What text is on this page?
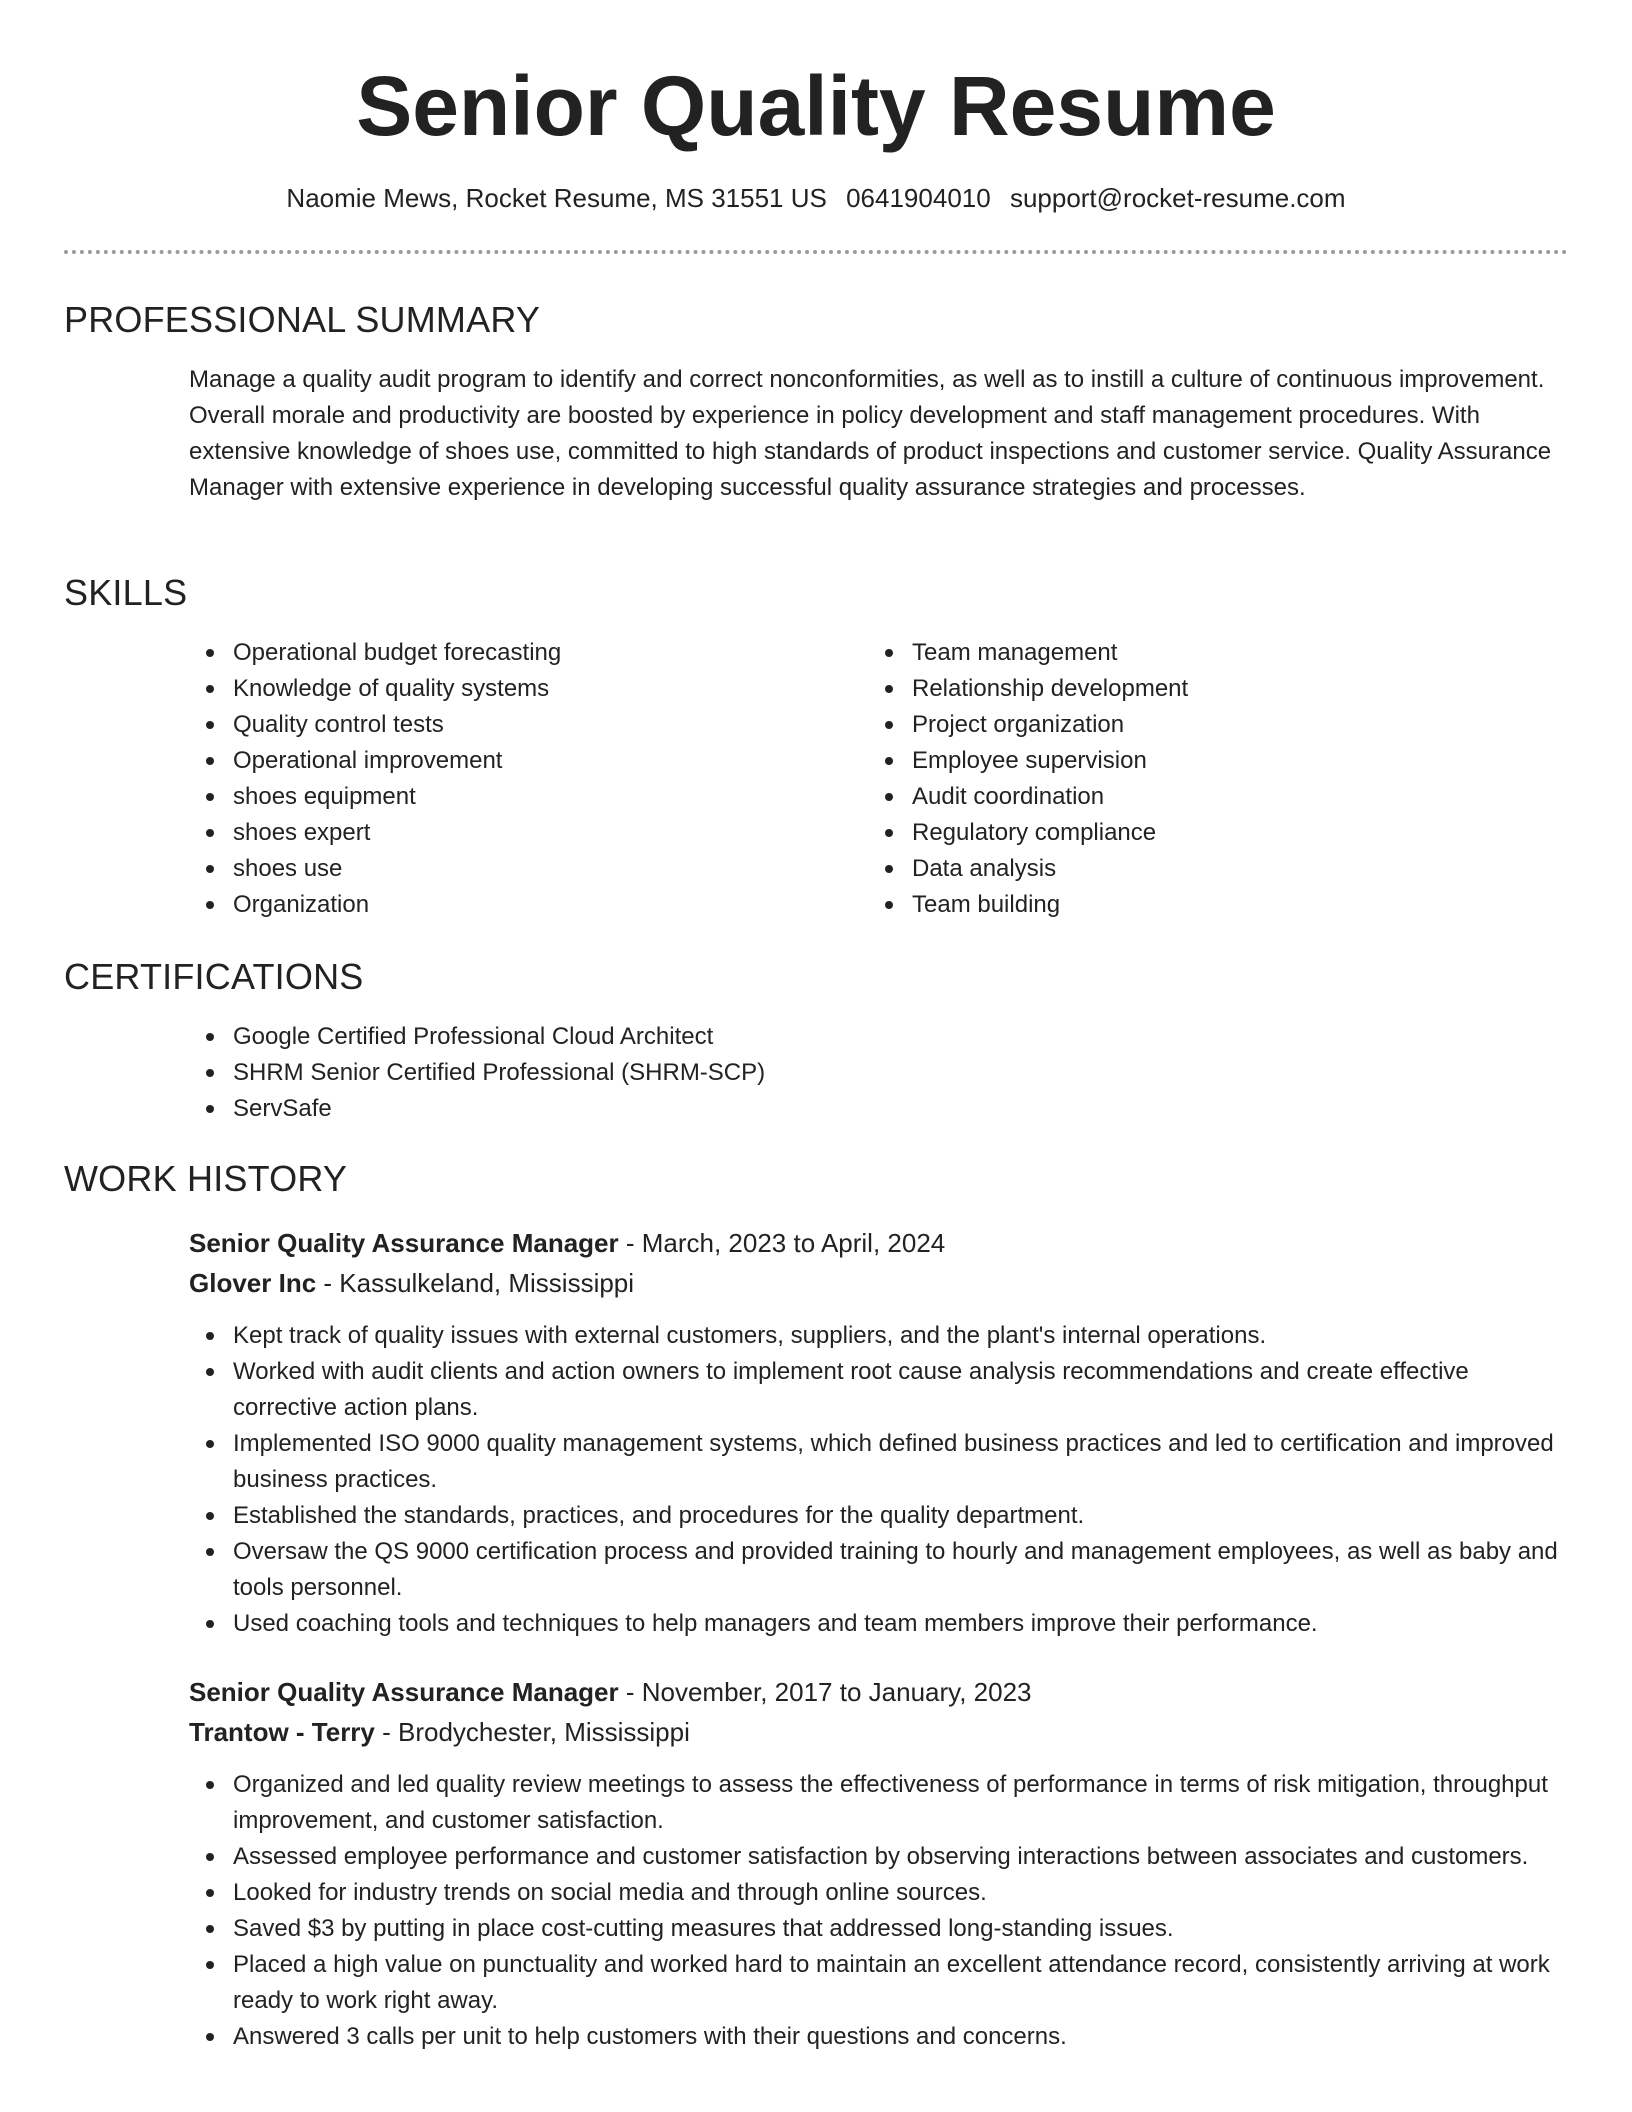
Senior Quality Resume
Naomie Mews, Rocket Resume, MS 31551 US 0641904010 support@rocket-resume.com
PROFESSIONAL SUMMARY

Manage a quality audit program to identify and correct nonconformities, as well as to instill a culture of continuous improvement. Overall morale and productivity are boosted by experience in policy development and staff management procedures. With extensive knowledge of shoes use, committed to high standards of product inspections and customer service. Quality Assurance Manager with extensive experience in developing successful quality assurance strategies and processes.

SKILLS
Operational budget forecasting
Knowledge of quality systems
Quality control tests
Operational improvement
shoes equipment
shoes expert
shoes use
Organization
Team management
Relationship development
Project organization
Employee supervision
Audit coordination
Regulatory compliance
Data analysis
Team building
CERTIFICATIONS
Google Certified Professional Cloud Architect
SHRM Senior Certified Professional (SHRM-SCP)
ServSafe
WORK HISTORY
Senior Quality Assurance Manager - March, 2023 to April, 2024
Glover Inc - Kassulkeland, Mississippi
Kept track of quality issues with external customers, suppliers, and the plant's internal operations.
Worked with audit clients and action owners to implement root cause analysis recommendations and create effective corrective action plans.
Implemented ISO 9000 quality management systems, which defined business practices and led to certification and improved business practices.
Established the standards, practices, and procedures for the quality department.
Oversaw the QS 9000 certification process and provided training to hourly and management employees, as well as baby and tools personnel.
Used coaching tools and techniques to help managers and team members improve their performance.
Senior Quality Assurance Manager - November, 2017 to January, 2023
Trantow - Terry - Brodychester, Mississippi
Organized and led quality review meetings to assess the effectiveness of performance in terms of risk mitigation, throughput improvement, and customer satisfaction.
Assessed employee performance and customer satisfaction by observing interactions between associates and customers.
Looked for industry trends on social media and through online sources.
Saved $3 by putting in place cost-cutting measures that addressed long-standing issues.
Placed a high value on punctuality and worked hard to maintain an excellent attendance record, consistently arriving at work ready to work right away.
Answered 3 calls per unit to help customers with their questions and concerns.
